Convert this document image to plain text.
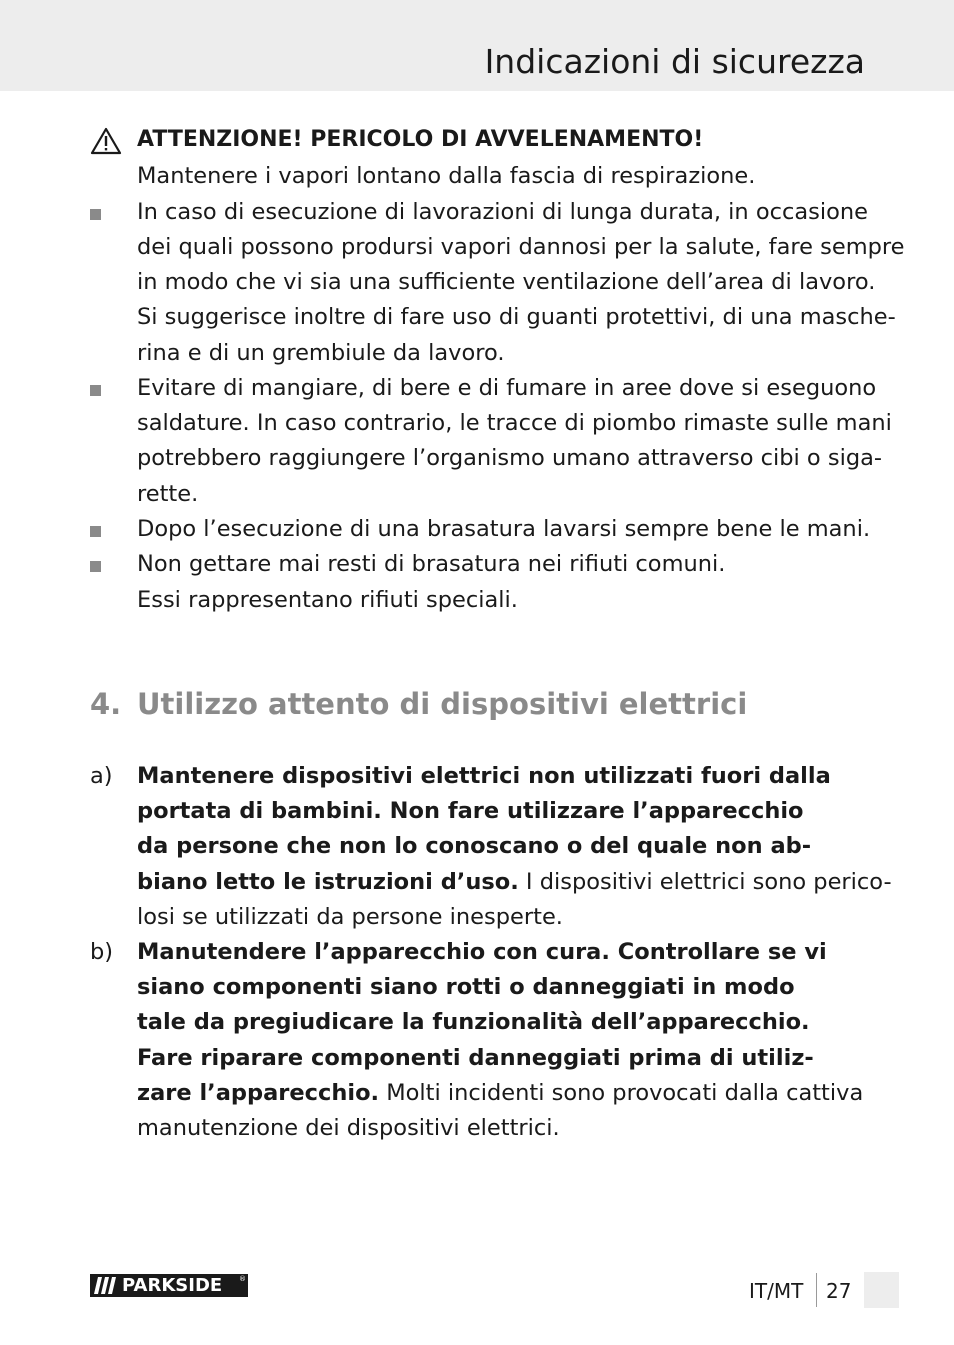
Indicazioni di sicurezza
ATTENZIONE! PERICOLO DI AVVELENAMENTO!
Mantenere i vapori lontano dalla fascia di respirazione.
In caso di esecuzione di lavorazioni di lunga durata, in occasione
dei quali possono prodursi vapori dannosi per la salute, fare sempre
in modo che vi sia una sufficiente ventilazione dell’area di lavoro.
Si suggerisce inoltre di fare uso di guanti protettivi, di una masche-
rina e di un grembiule da lavoro.
Evitare di mangiare, di bere e di fumare in aree dove si eseguono
saldature. In caso contrario, le tracce di piombo rimaste sulle mani
potrebbero raggiungere l’organismo umano attraverso cibi o siga-
rette.
Dopo l’esecuzione di una brasatura lavarsi sempre bene le mani.
Non gettare mai resti di brasatura nei rifiuti comuni.
Essi rappresentano rifiuti speciali.
4. Utilizzo attento di dispositivi elettrici
a) Mantenere dispositivi elettrici non utilizzati fuori dalla
portata di bambini. Non fare utilizzare l’apparecchio
da persone che non lo conoscano o del quale non ab-
biano letto le istruzioni d’uso. I dispositivi elettrici sono perico-
losi se utilizzati da persone inesperte.
b) Manutendere l’apparecchio con cura. Controllare se vi
siano componenti siano rotti o danneggiati in modo
tale da pregiudicare la funzionalità dell’apparecchio.
Fare riparare componenti danneggiati prima di utiliz-
zare l’apparecchio. Molti incidenti sono provocati dalla cattiva
manutenzione dei dispositivi elettrici.
PARKSIDE ®	IT/MT 27
